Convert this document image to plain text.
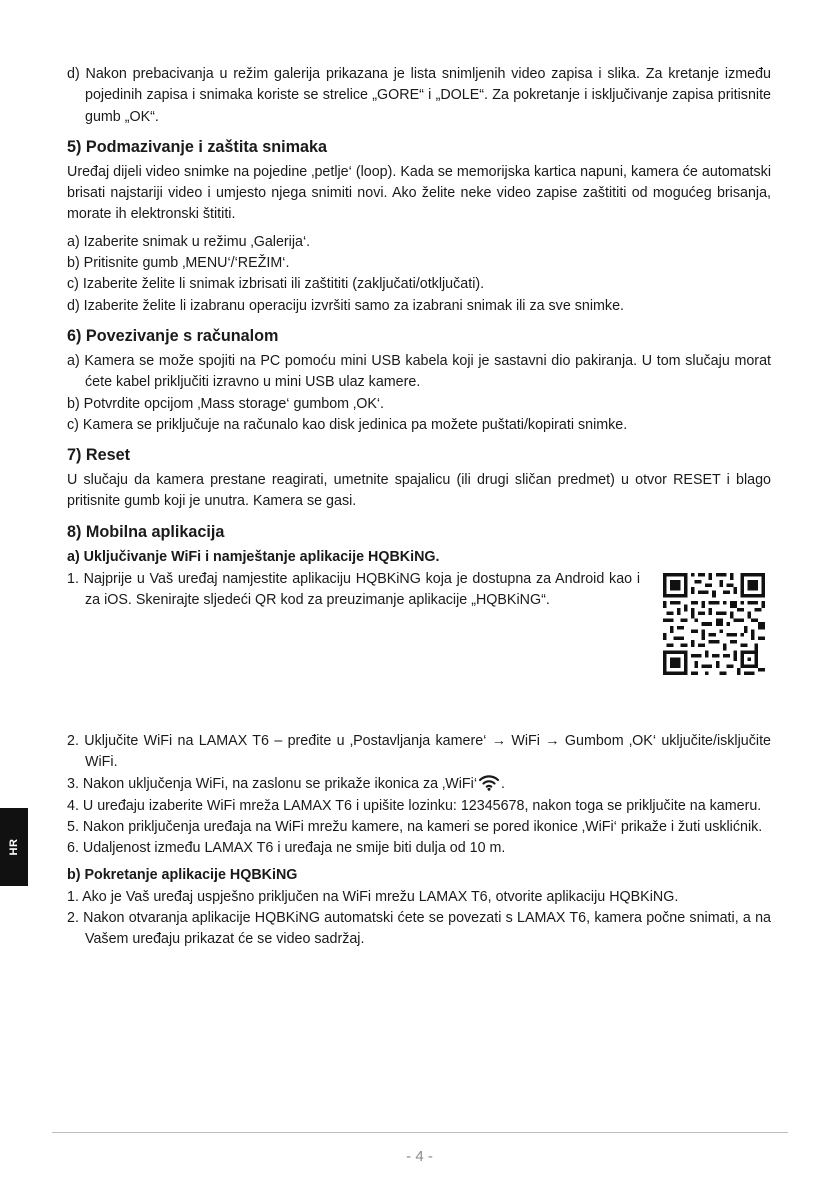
d) Nakon prebacivanja u režim galerija prikazana je lista snimljenih video zapisa i slika. Za kretanje između pojedinih zapisa i snimaka koriste se strelice „GORE“ i „DOLE“. Za pokretanje i isključivanje zapisa pritisnite gumb „OK“.

5) Podmazivanje i zaštita snimaka

Uređaj dijeli video snimke na pojedine ‚petlje‘ (loop). Kada se memorijska kartica napuni, kamera će automatski brisati najstariji video i umjesto njega snimiti novi. Ako želite neke video zapise zaštititi od mogućeg brisanja, morate ih elektronski štititi.

a) Izaberite snimak u režimu ‚Galerija‘.

b) Pritisnite gumb ‚MENU‘/‘REŽIM‘.

c) Izaberite želite li snimak izbrisati ili zaštititi (zaključati/otključati).

d) Izaberite želite li izabranu operaciju izvršiti samo za izabrani snimak ili za sve snimke.

6) Povezivanje s računalom

a) Kamera se može spojiti na PC pomoću mini USB kabela koji je sastavni dio pakiranja. U tom slučaju morat ćete kabel priključiti izravno u mini USB ulaz kamere.

b) Potvrdite opcijom ‚Mass storage‘ gumbom ‚OK‘.

c) Kamera se priključuje na računalo kao disk jedinica pa možete puštati/kopirati snimke.

7) Reset

U slučaju da kamera prestane reagirati, umetnite spajalicu (ili drugi sličan predmet) u otvor RESET i blago pritisnite gumb koji je unutra. Kamera se gasi.

8) Mobilna aplikacija
a) Uključivanje WiFi i namještanje aplikacije HQBKiNG.

1. Najprije u Vaš uređaj namjestite aplikaciju HQBKiNG koja je dostupna za Android kao i za iOS. Skenirajte sljedeći QR kod za preuzimanje aplikacije „HQBKiNG“.

2. Uključite WiFi na LAMAX T6 – pređite u ‚Postavljanja kamere‘ → WiFi → Gumbom ‚OK‘ uključite/isključite WiFi.

3. Nakon uključenja WiFi, na zaslonu se prikaže ikonica za ‚WiFi‘ .

4. U uređaju izaberite WiFi mreža LAMAX T6 i upišite lozinku: 12345678, nakon toga se priključite na kameru.

5. Nakon priključenja uređaja na WiFi mrežu kamere, na kameri se pored ikonice ‚WiFi‘ prikaže i žuti usklićnik.

6. Udaljenost između LAMAX T6 i uređaja ne smije biti dulja od 10 m.

b) Pokretanje aplikacije HQBKiNG

1. Ako je Vaš uređaj uspješno priključen na WiFi mrežu LAMAX T6, otvorite aplikaciju HQBKiNG.

2. Nakon otvaranja aplikacije HQBKiNG automatski ćete se povezati s LAMAX T6, kamera počne snimati, a na Vašem uređaju prikazat će se video sadržaj.

HR
- 4 -
